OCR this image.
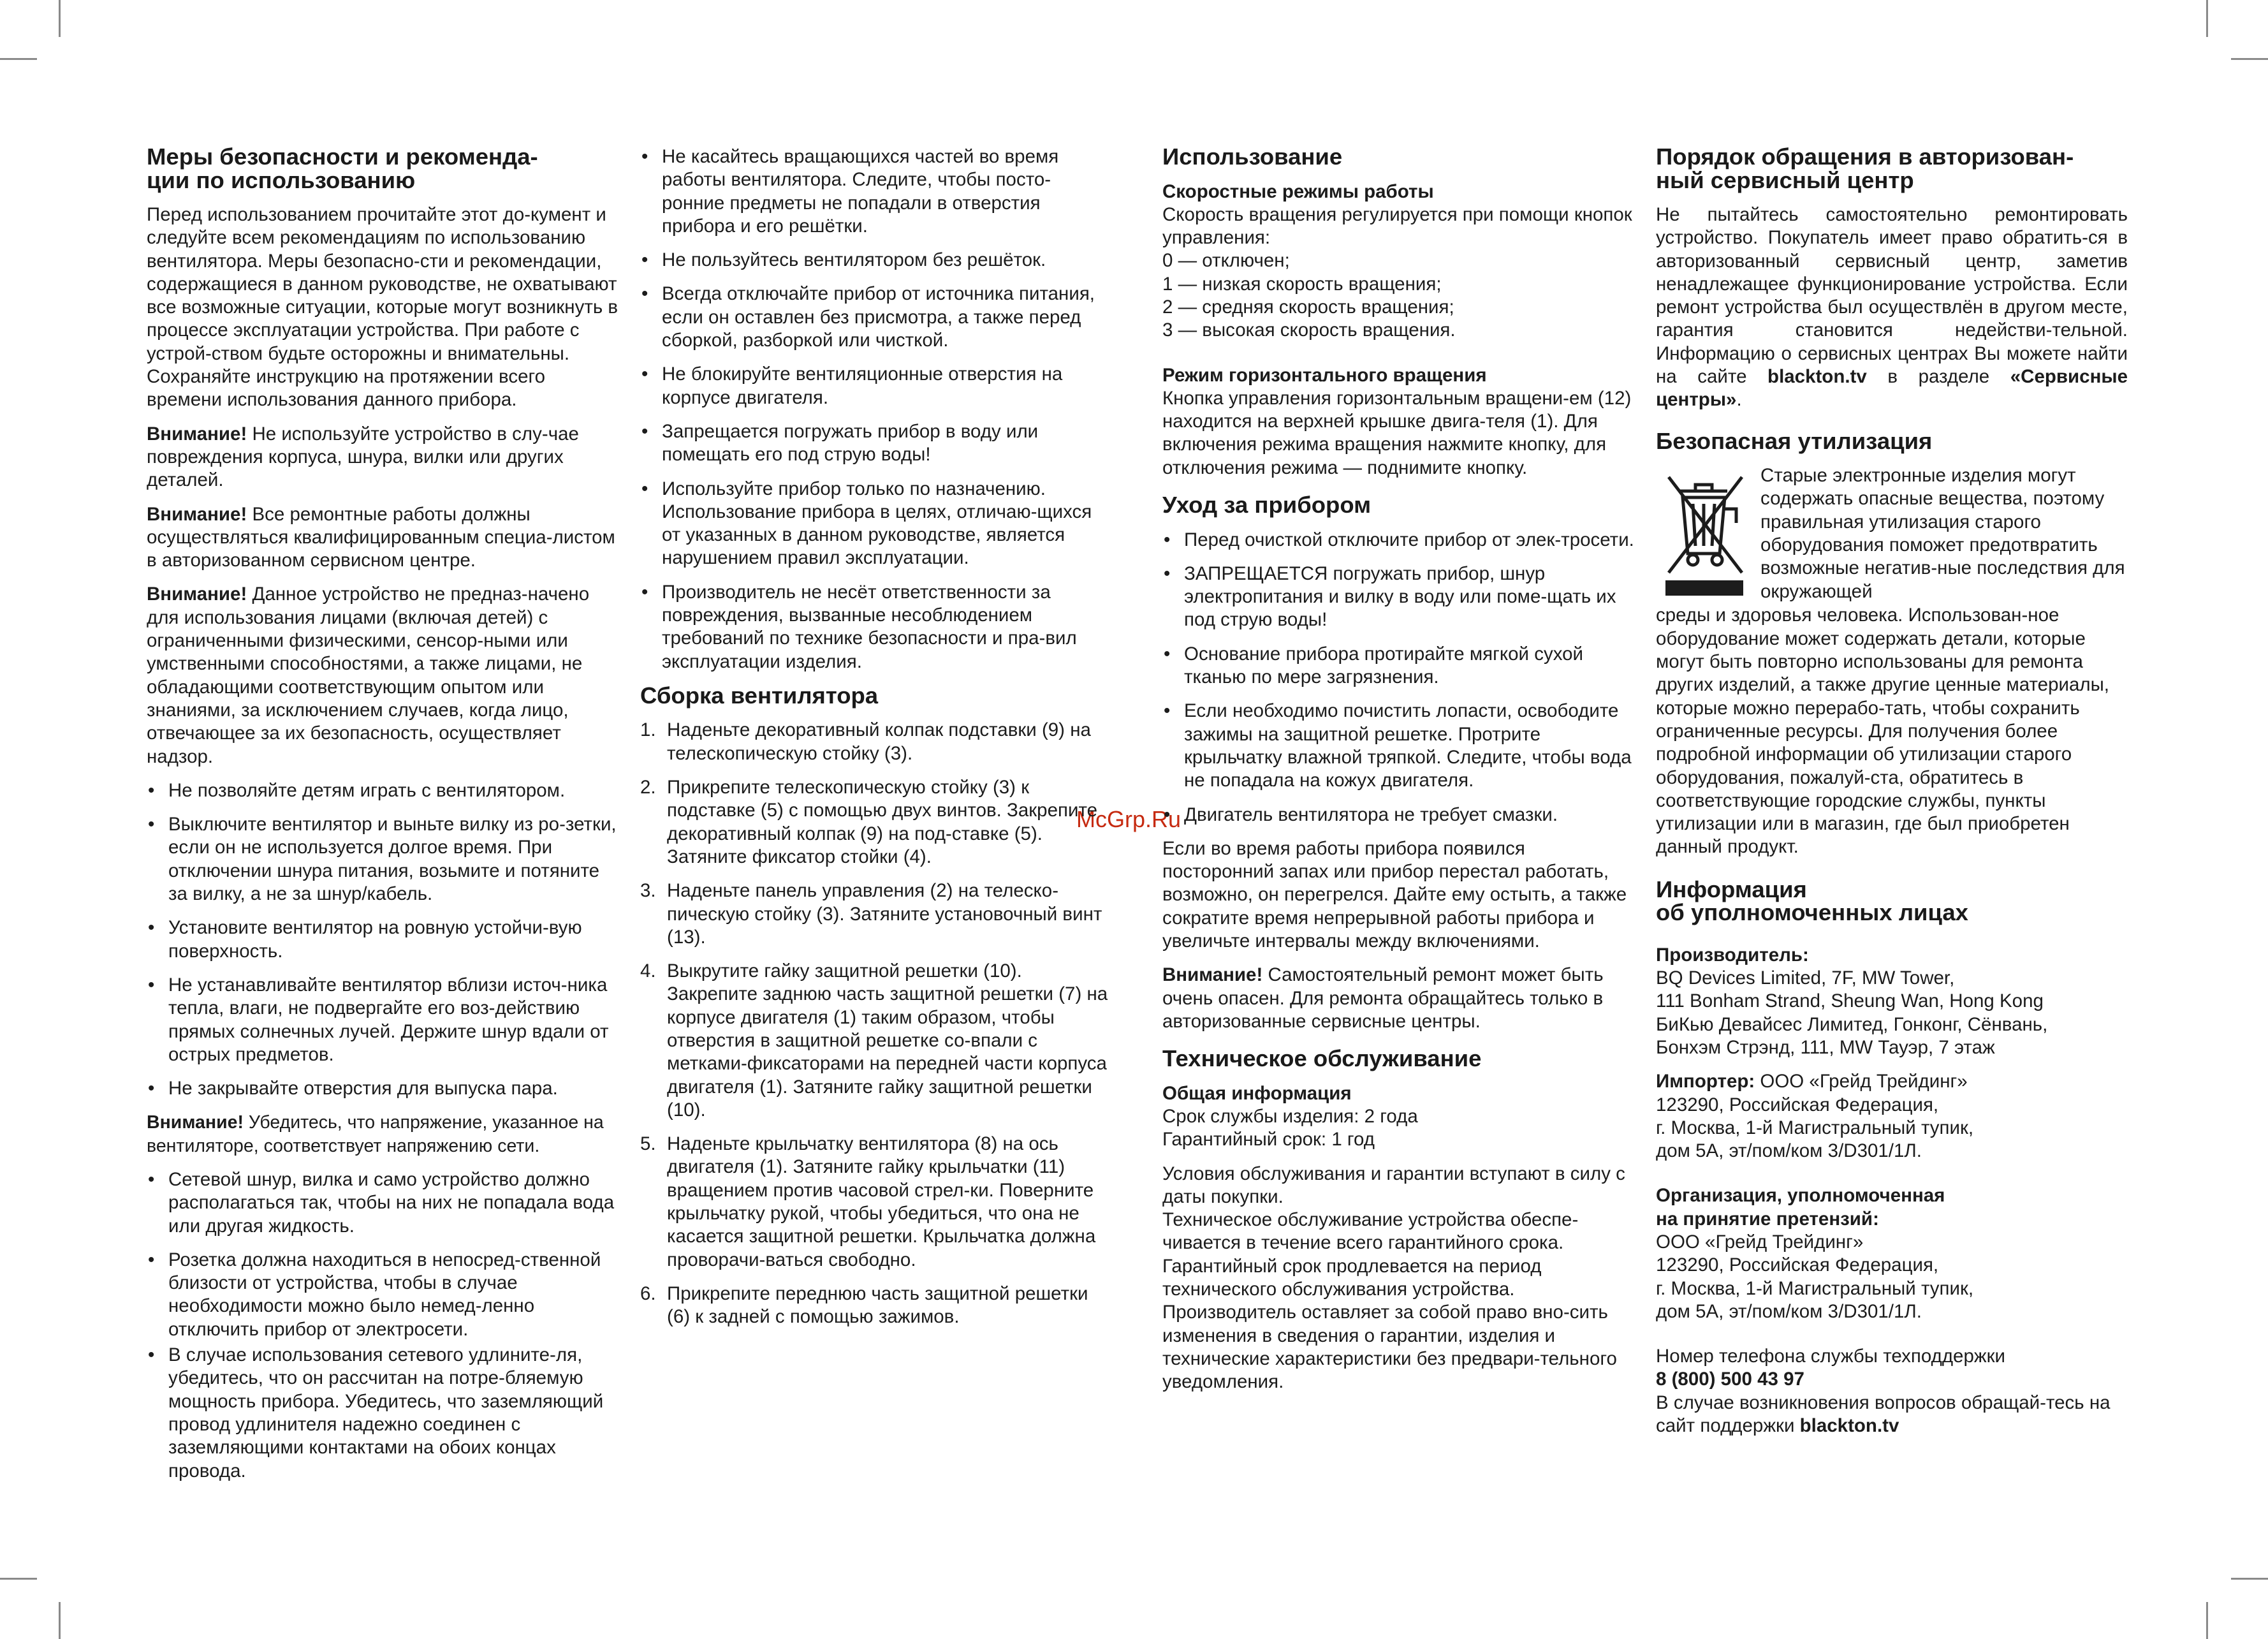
McGrp.Ru
Меры безопасности и рекоменда-
ции по использованию

Перед использованием прочитайте этот до-кумент и следуйте всем рекомендациям по использованию вентилятора. Меры безопасно-сти и рекомендации, содержащиеся в данном руководстве, не охватывают все возможные ситуации, которые могут возникнуть в процессе эксплуатации устройства. При работе с устрой-ством будьте осторожны и внимательны. Сохраняйте инструкцию на протяжении всего времени использования данного прибора.

Внимание! Не используйте устройство в слу-чае повреждения корпуса, шнура, вилки или других деталей.

Внимание! Все ремонтные работы должны осуществляться квалифицированным специа-листом в авторизованном сервисном центре.

Внимание! Данное устройство не предназ-начено для использования лицами (включая детей) с ограниченными физическими, сенсор-ными или умственными способностями, а также лицами, не обладающими соответствующим опытом или знаниями, за исключением случаев, когда лицо, отвечающее за их безопасность, осуществляет надзор.

• Не позволяйте детям играть с вентилятором.
• Выключите вентилятор и выньте вилку из ро-зетки, если он не используется долгое время. При отключении шнура питания, возьмите и потяните за вилку, а не за шнур/кабель.
• Установите вентилятор на ровную устойчи-вую поверхность.
• Не устанавливайте вентилятор вблизи источ-ника тепла, влаги, не подвергайте его воз-действию прямых солнечных лучей. Держите шнур вдали от острых предметов.
• Не закрывайте отверстия для выпуска пара.

Внимание! Убедитесь, что напряжение, указанное на вентиляторе, соответствует напряжению сети.

• Сетевой шнур, вилка и само устройство должно располагаться так, чтобы на них не попадала вода или другая жидкость.
• Розетка должна находиться в непосред-ственной близости от устройства, чтобы в случае необходимости можно было немед-ленно отключить прибор от электросети.
• В случае использования сетевого удлините-ля, убедитесь, что он рассчитан на потре-бляемую мощность прибора. Убедитесь, что заземляющий провод удлинителя надежно соединен с заземляющими контактами на обоих концах провода.
• Не касайтесь вращающихся частей во время работы вентилятора. Следите, чтобы посто-ронние предметы не попадали в отверстия прибора и его решётки.
• Не пользуйтесь вентилятором без решёток.
• Всегда отключайте прибор от источника питания, если он оставлен без присмотра, а также перед сборкой, разборкой или чисткой.
• Не блокируйте вентиляционные отверстия на корпусе двигателя.
• Запрещается погружать прибор в воду или помещать его под струю воды!
• Используйте прибор только по назначению. Использование прибора в целях, отличаю-щихся от указанных в данном руководстве, является нарушением правил эксплуатации.
• Производитель не несёт ответственности за повреждения, вызванные несоблюдением требований по технике безопасности и пра-вил эксплуатации изделия.
Сборка вентилятора
1. Наденьте декоративный колпак подставки (9) на телескопическую стойку (3).
2. Прикрепите телескопическую стойку (3) к подставке (5) с помощью двух винтов. Закрепите декоративный колпак (9) на под-ставке (5). Затяните фиксатор стойки (4).
3. Наденьте панель управления (2) на телеско-пическую стойку (3). Затяните установочный винт (13).
4. Выкрутите гайку защитной решетки (10). Закрепите заднюю часть защитной решетки (7) на корпусе двигателя (1) таким образом, чтобы отверстия в защитной решетке со-впали с метками-фиксаторами на передней части корпуса двигателя (1). Затяните гайку защитной решетки (10).
5. Наденьте крыльчатку вентилятора (8) на ось двигателя (1). Затяните гайку крыльчатки (11) вращением против часовой стрел-ки. Поверните крыльчатку рукой, чтобы убедиться, что она не касается защитной решетки. Крыльчатка должна проворачи-ваться свободно.
6. Прикрепите переднюю часть защитной решетки (6) к задней с помощью зажимов.
Использование
Скоростные режимы работы
Скорость вращения регулируется при помощи кнопок управления:
0 — отключен;
1 — низкая скорость вращения;
2 — средняя скорость вращения;
3 — высокая скорость вращения.
Режим горизонтального вращения

Кнопка управления горизонтальным вращени-ем (12) находится на верхней крышке двига-теля (1). Для включения режима вращения нажмите кнопку, для отключения режима — поднимите кнопку.

Уход за прибором
• Перед очисткой отключите прибор от элек-тросети.
• ЗАПРЕЩАЕТСЯ погружать прибор, шнур электропитания и вилку в воду или поме-щать их под струю воды!
• Основание прибора протирайте мягкой сухой тканью по мере загрязнения.
• Если необходимо почистить лопасти, освободите зажимы на защитной решетке. Протрите крыльчатку влажной тряпкой. Следите, чтобы вода не попадала на кожух двигателя.
• Двигатель вентилятора не требует смазки.

Если во время работы прибора появился посторонний запах или прибор перестал работать, возможно, он перегрелся. Дайте ему остыть, а также сократите время непрерывной работы прибора и увеличьте интервалы между включениями.

Внимание! Самостоятельный ремонт может быть очень опасен. Для ремонта обращайтесь только в авторизованные сервисные центры.

Техническое обслуживание
Общая информация
Срок службы изделия: 2 года
Гарантийный срок: 1 год
Условия обслуживания и гарантии вступают в силу с даты покупки.
Техническое обслуживание устройства обеспе-чивается в течение всего гарантийного срока. Гарантийный срок продлевается на период технического обслуживания устройства. Производитель оставляет за собой право вно-сить изменения в сведения о гарантии, изделия и технические характеристики без предвари-тельного уведомления.
Порядок обращения в авторизован-
ный сервисный центр

Не пытайтесь самостоятельно ремонтировать устройство. Покупатель имеет право обратить-ся в авторизованный сервисный центр, заметив ненадлежащее функционирование устройства. Если ремонт устройства был осуществлён в другом месте, гарантия становится недействи-тельной. Информацию о сервисных центрах Вы можете найти на сайте blackton.tv в разделе «Сервисные центры».

Безопасная утилизация
Старые электронные изделия могут содержать опасные вещества, поэтому правильная утилизация старого оборудования поможет предотвратить возможные негатив-ные последствия для окружающей

среды и здоровья человека. Использован-ное оборудование может содержать детали, которые могут быть повторно использованы для ремонта других изделий, а также другие ценные материалы, которые можно перерабо-тать, чтобы сохранить ограниченные ресурсы. Для получения более подробной информации об утилизации старого оборудования, пожалуй-ста, обратитесь в соответствующие городские службы, пункты утилизации или в магазин, где был приобретен данный продукт.

Информация
об уполномоченных лицах
Производитель:
BQ Devices Limited, 7F, MW Tower,
111 Bonham Strand, Sheung Wan, Hong Kong
БиКью Девайсес Лимитед, Гонконг, Сёнвань,
Бонхэм Стрэнд, 111, MW Тауэр, 7 этаж
Импортер: ООО «Грейд Трейдинг»
123290, Российская Федерация,
г. Москва, 1-й Магистральный тупик,
дом 5А, эт/пом/ком 3/D301/1Л.
Организация, уполномоченная
на принятие претензий:
ООО «Грейд Трейдинг»
123290, Российская Федерация,
г. Москва, 1-й Магистральный тупик,
дом 5А, эт/пом/ком 3/D301/1Л.
Номер телефона службы техподдержки
8 (800) 500 43 97
В случае возникновения вопросов обращай-тесь на сайт поддержки blackton.tv
